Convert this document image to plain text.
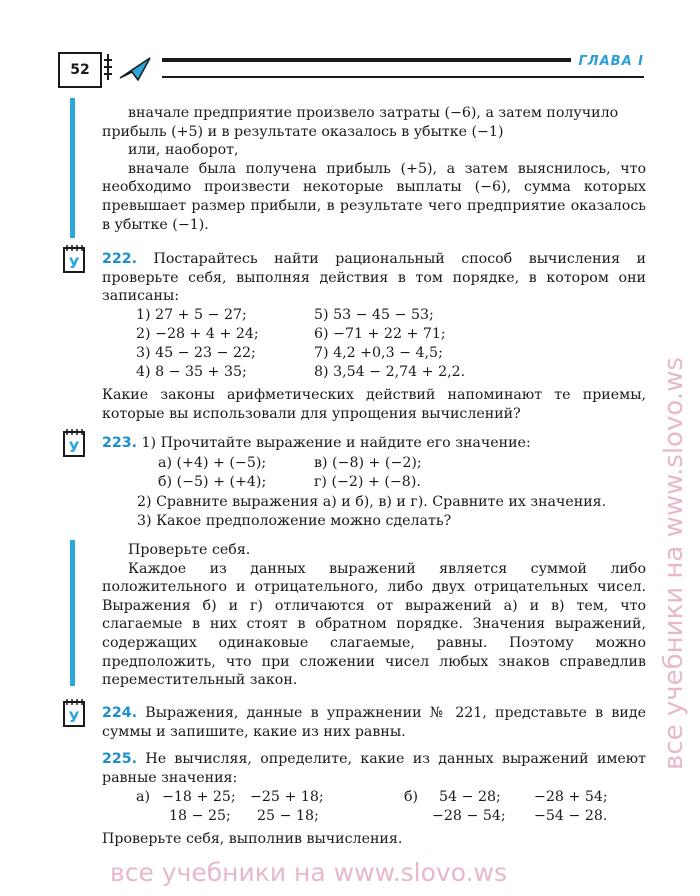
52
ГЛАВА I
вначале предприятие произвело затраты (−6), а затем получило
прибыль (+5) и в результате оказалось в убытке (−1)
или, наоборот,
вначале была получена прибыль (+5), а затем выяснилось, что необходимо произвести некоторые выплаты (−6), сумма которых превышает размер прибыли, в результате чего предприятие оказалось в убытке (−1).
У 222. Постарайтесь найти рациональный способ вычисления и проверьте себя, выполняя действия в том порядке, в котором они записаны:
1) 27 + 5 − 27;
2) −28 + 4 + 24;
3) 45 − 23 − 22;
4) 8 − 35 + 35;
5) 53 − 45 − 53;
6) −71 + 22 + 71;
7) 4,2 +0,3 − 4,5;
8) 3,54 − 2,74 + 2,2.
Какие законы арифметических действий напоминают те приемы, которые вы использовали для упрощения вычислений?
У 223. 1) Прочитайте выражение и найдите его значение:
а) (+4) + (−5);
б) (−5) + (+4);
в) (−8) + (−2);
г) (−2) + (−8).
2) Сравните выражения а) и б), в) и г). Сравните их значения.
3) Какое предположение можно сделать?
Проверьте себя.
Каждое из данных выражений является суммой либо положительного и отрицательного, либо двух отрицательных чисел. Выражения б) и г) отличаются от выражений а) и в) тем, что слагаемые в них стоят в обратном порядке. Значения выражений, содержащих одинаковые слагаемые, равны. Поэтому можно предположить, что при сложении чисел любых знаков справедлив переместительный закон.
У 224. Выражения, данные в упражнении № 221, представьте в виде суммы и запишите, какие из них равны.
225. Не вычисляя, определите, какие из данных выражений имеют равные значения:
а) −18 + 25;
18 − 25;
−25 + 18;
25 − 18;
б)	54 − 28;
−28 − 54;
−28 + 54;
−54 − 28.
Проверьте себя, выполнив вычисления.
все учебники на www.slovo.ws
все учебники на www.slovo.ws
